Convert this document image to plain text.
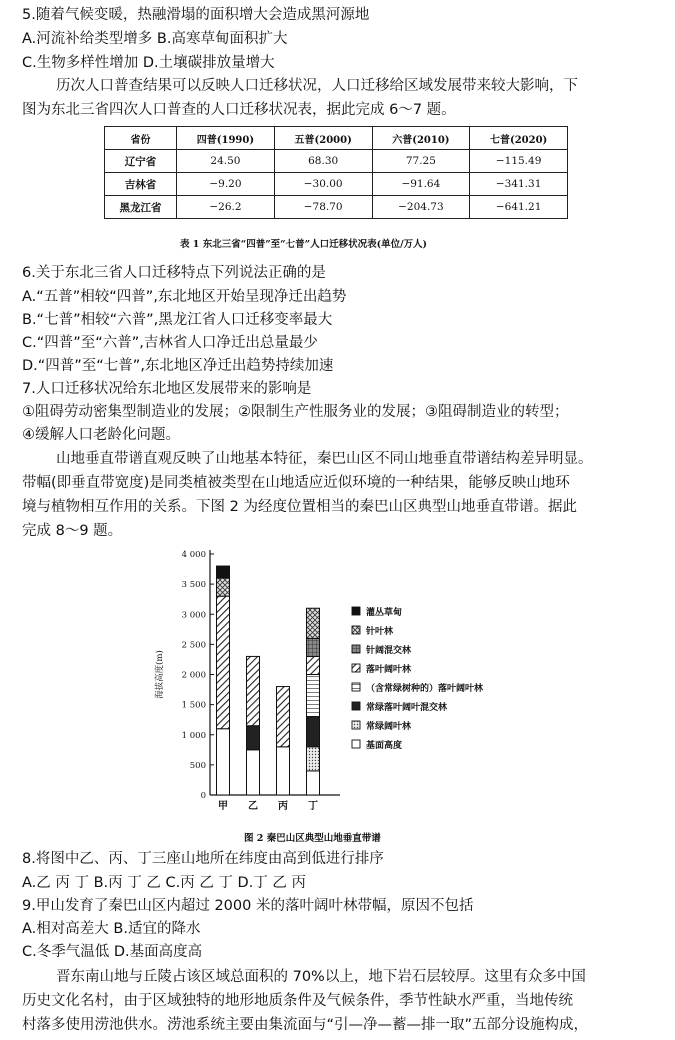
5.随着气候变暖，热融滑塌的面积增大会造成黑河源地
A.河流补给类型增多 B.高寒草甸面积扩大
C.生物多样性增加 D.土壤碳排放量增大
历次人口普查结果可以反映人口迁移状况，人口迁移给区域发展带来较大影响，下
图为东北三省四次人口普查的人口迁移状况表，据此完成 6～7 题。
省份	四普(1990)	五普(2000)	六普(2010)	七普(2020)
辽宁省	24.50	68.30	77.25	−115.49
吉林省	−9.20	−30.00	−91.64	−341.31
黑龙江省	−26.2	−78.70	−204.73	−641.21
表 1 东北三省“四普”至“七普”人口迁移状况表(单位/万人)
6.关于东北三省人口迁移特点下列说法正确的是
A.“五普”相较“四普”,东北地区开始呈现净迁出趋势
B.“七普”相较“六普”,黑龙江省人口迁移变率最大
C.“四普”至“六普”,吉林省人口净迁出总量最少
D.“四普”至“七普”,东北地区净迁出趋势持续加速
7.人口迁移状况给东北地区发展带来的影响是
①阻碍劳动密集型制造业的发展；②限制生产性服务业的发展；③阻碍制造业的转型；
④缓解人口老龄化问题。
山地垂直带谱直观反映了山地基本特征，秦巴山区不同山地垂直带谱结构差异明显。
带幅(即垂直带宽度)是同类植被类型在山地适应近似环境的一种结果，能够反映山地环
境与植物相互作用的关系。下图 2 为经度位置相当的秦巴山区典型山地垂直带谱。据此
完成 8～9 题。
0
500
1 000
1 500
2 000
2 500
3 000
3 500
4 000
海拔高度(m)
甲 乙 丙 丁
灌丛草甸
针叶林
针阔混交林
落叶阔叶林
（含常绿树种的）落叶阔叶林
常绿落叶阔叶混交林
常绿阔叶林
基面高度
图 2 秦巴山区典型山地垂直带谱
8.将图中乙、丙、丁三座山地所在纬度由高到低进行排序
A.乙 丙 丁 B.丙 丁 乙 C.丙 乙 丁 D.丁 乙 丙
9.甲山发育了秦巴山区内超过 2000 米的落叶阔叶林带幅，原因不包括
A.相对高差大 B.适宜的降水
C.冬季气温低 D.基面高度高
晋东南山地与丘陵占该区域总面积的 70%以上，地下岩石层较厚。这里有众多中国
历史文化名村，由于区域独特的地形地质条件及气候条件，季节性缺水严重，当地传统
村落多使用涝池供水。涝池系统主要由集流面与“引—净—蓄—排一取”五部分设施构成，
